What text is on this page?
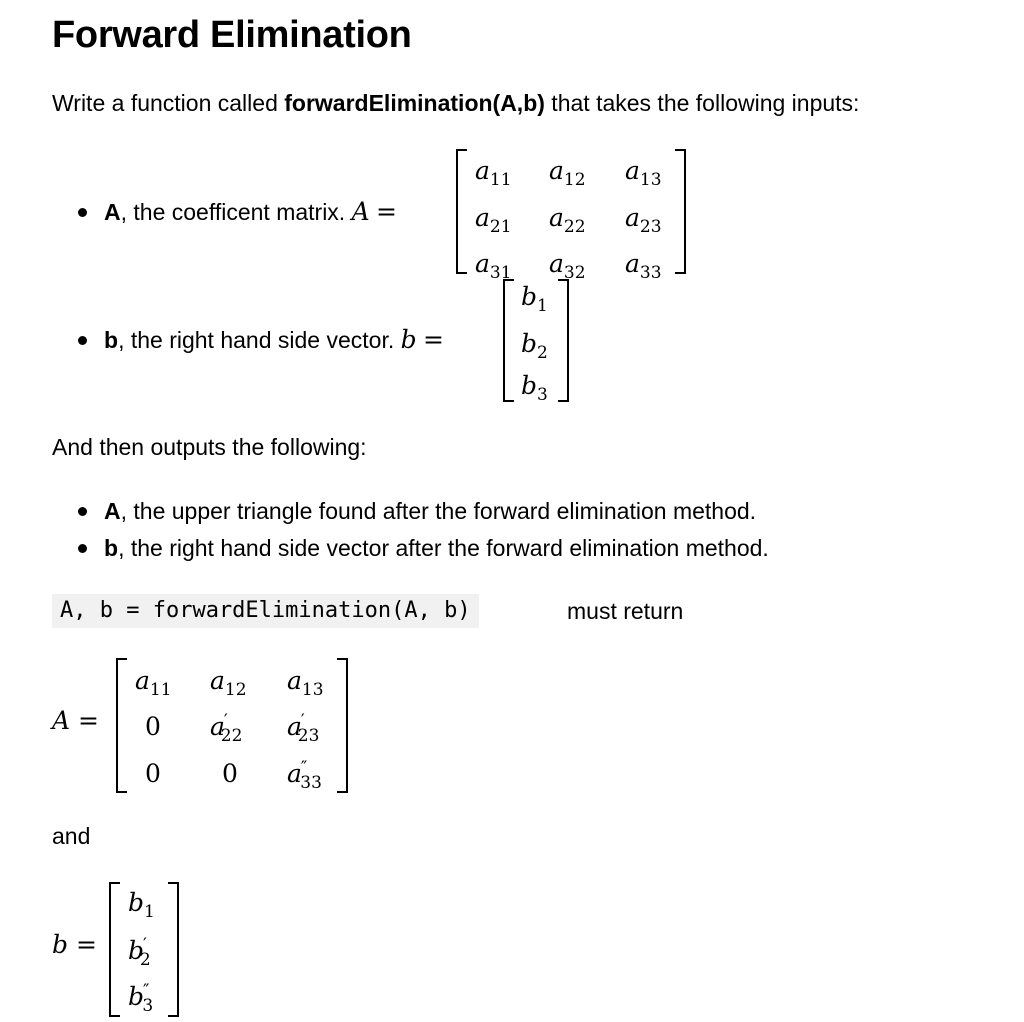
Forward Elimination
Write a function called forwardElimination(A,b) that takes the following inputs:
A, the coefficent matrix. A =
$a_{11}$ $a_{12}$ $a_{13}$
$a_{21}$ $a_{22}$ $a_{23}$
$a_{31}$ $a_{32}$ $a_{33}$
b, the right hand side vector. b =
$b_1$
$b_2$
$b_3$
And then outputs the following:
A, the upper triangle found after the forward elimination method.
b, the right hand side vector after the forward elimination method.
A, b = forwardElimination(A, b)	must return
A =
$a_{11}$ $a_{12}$ $a_{13}$
0 $a'_{22}$ $a'_{23}$
0 0 $a''_{33}$
and
b =
$b_1$
$b'_2$
$b''_3$
